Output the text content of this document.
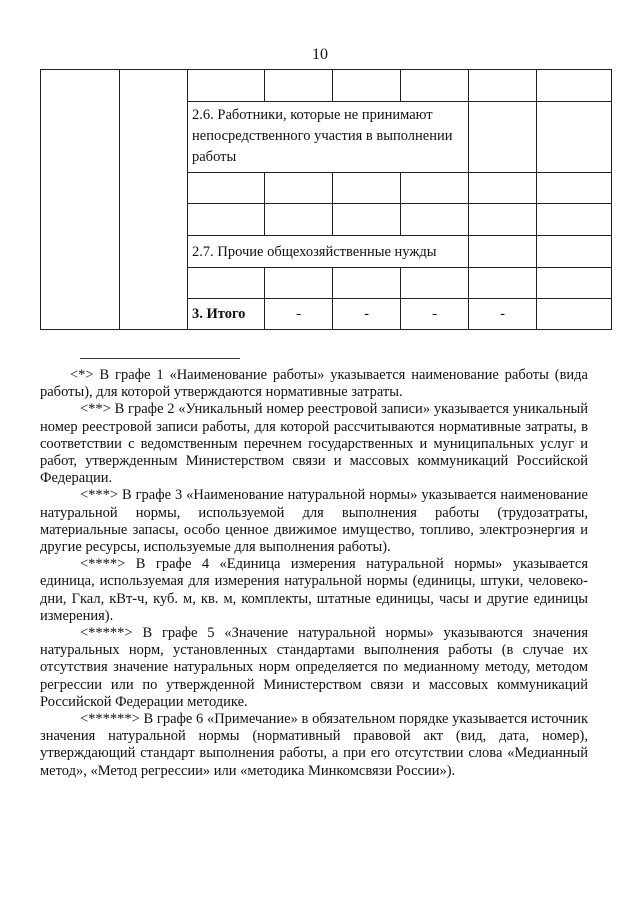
10

		2.6. Работники, которые не принимают непосредственного участия в выполнении работы					

		2.7. Прочие общехозяйственные нужды					

		3. Итого	-	-	-	-	

<*> В графе 1 «Наименование работы» указывается наименование работы (вида работы), для которой утверждаются нормативные затраты.

<**> В графе 2 «Уникальный номер реестровой записи» указывается уникальный номер реестровой записи работы, для которой рассчитываются нормативные затраты, в соответствии с ведомственным перечнем государственных и муниципальных услуг и работ, утвержденным Министерством связи и массовых коммуникаций Российской Федерации.

<***> В графе 3 «Наименование натуральной нормы» указывается наименование натуральной нормы, используемой для выполнения работы (трудозатраты, материальные запасы, особо ценное движимое имущество, топливо, электроэнергия и другие ресурсы, используемые для выполнения работы).

<****> В графе 4 «Единица измерения натуральной нормы» указывается единица, используемая для измерения натуральной нормы (единицы, штуки, человеко-дни, Гкал, кВт-ч, куб. м, кв. м, комплекты, штатные единицы, часы и другие единицы измерения).

<*****> В графе 5 «Значение натуральной нормы» указываются значения натуральных норм, установленных стандартами выполнения работы (в случае их отсутствия значение натуральных норм определяется по медианному методу, методом регрессии или по утвержденной Министерством связи и массовых коммуникаций Российской Федерации методике.

<******> В графе 6 «Примечание» в обязательном порядке указывается источник значения натуральной нормы (нормативный правовой акт (вид, дата, номер), утверждающий стандарт выполнения работы, а при его отсутствии слова «Медианный метод», «Метод регрессии» или «методика Минкомсвязи России»).
